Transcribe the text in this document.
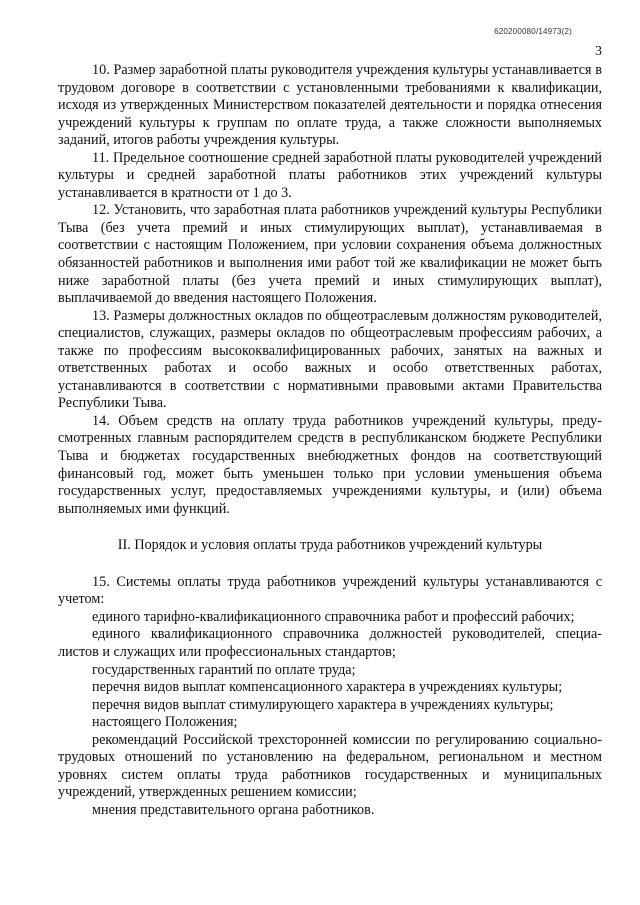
620200080/14973(2)
3

10. Размер заработной платы руководителя учреждения культуры устанавливается в трудовом договоре в соответствии с установленными требованиями к квалификации, исходя из утвержденных Министерством показателей деятельности и порядка отнесения учреждений культуры к группам по оплате труда, а также сложности выполняемых заданий, итогов работы учреждения культуры.

11. Предельное соотношение средней заработной платы руководителей учреждений культуры и средней заработной платы работников этих учреждений культуры устанавливается в кратности от 1 до 3.

12. Установить, что заработная плата работников учреждений культуры Республики Тыва (без учета премий и иных стимулирующих выплат), устанавливаемая в соответствии с настоящим Положением, при условии сохранения объема должностных обязанностей работников и выполнения ими работ той же квалификации не может быть ниже заработной платы (без учета премий и иных стимулирующих выплат), выплачиваемой до введения настоящего Положения.

13. Размеры должностных окладов по общеотраслевым должностям руководителей, специалистов, служащих, размеры окладов по общеотраслевым профессиям рабочих, а также по профессиям высококвалифицированных рабочих, занятых на важных и ответственных работах и особо важных и особо ответственных работах, устанавливаются в соответствии с нормативными правовыми актами Правительства Республики Тыва.

14. Объем средств на оплату труда работников учреждений культуры, предусмотренных главным распорядителем средств в республиканском бюджете Республики Тыва и бюджетах государственных внебюджетных фондов на соответствующий финансовый год, может быть уменьшен только при условии уменьшения объема государственных услуг, предоставляемых учреждениями культуры, и (или) объема выполняемых ими функций.

II. Порядок и условия оплаты труда работников учреждений культуры

15. Системы оплаты труда работников учреждений культуры устанавливаются с учетом:

единого тарифно-квалификационного справочника работ и профессий рабочих;

единого квалификационного справочника должностей руководителей, специалистов и служащих или профессиональных стандартов;

государственных гарантий по оплате труда;

перечня видов выплат компенсационного характера в учреждениях культуры;

перечня видов выплат стимулирующего характера в учреждениях культуры;

настоящего Положения;

рекомендаций Российской трехсторонней комиссии по регулированию социально-трудовых отношений по установлению на федеральном, региональном и местном уровнях систем оплаты труда работников государственных и муниципальных учреждений, утвержденных решением комиссии;

мнения представительного органа работников.
